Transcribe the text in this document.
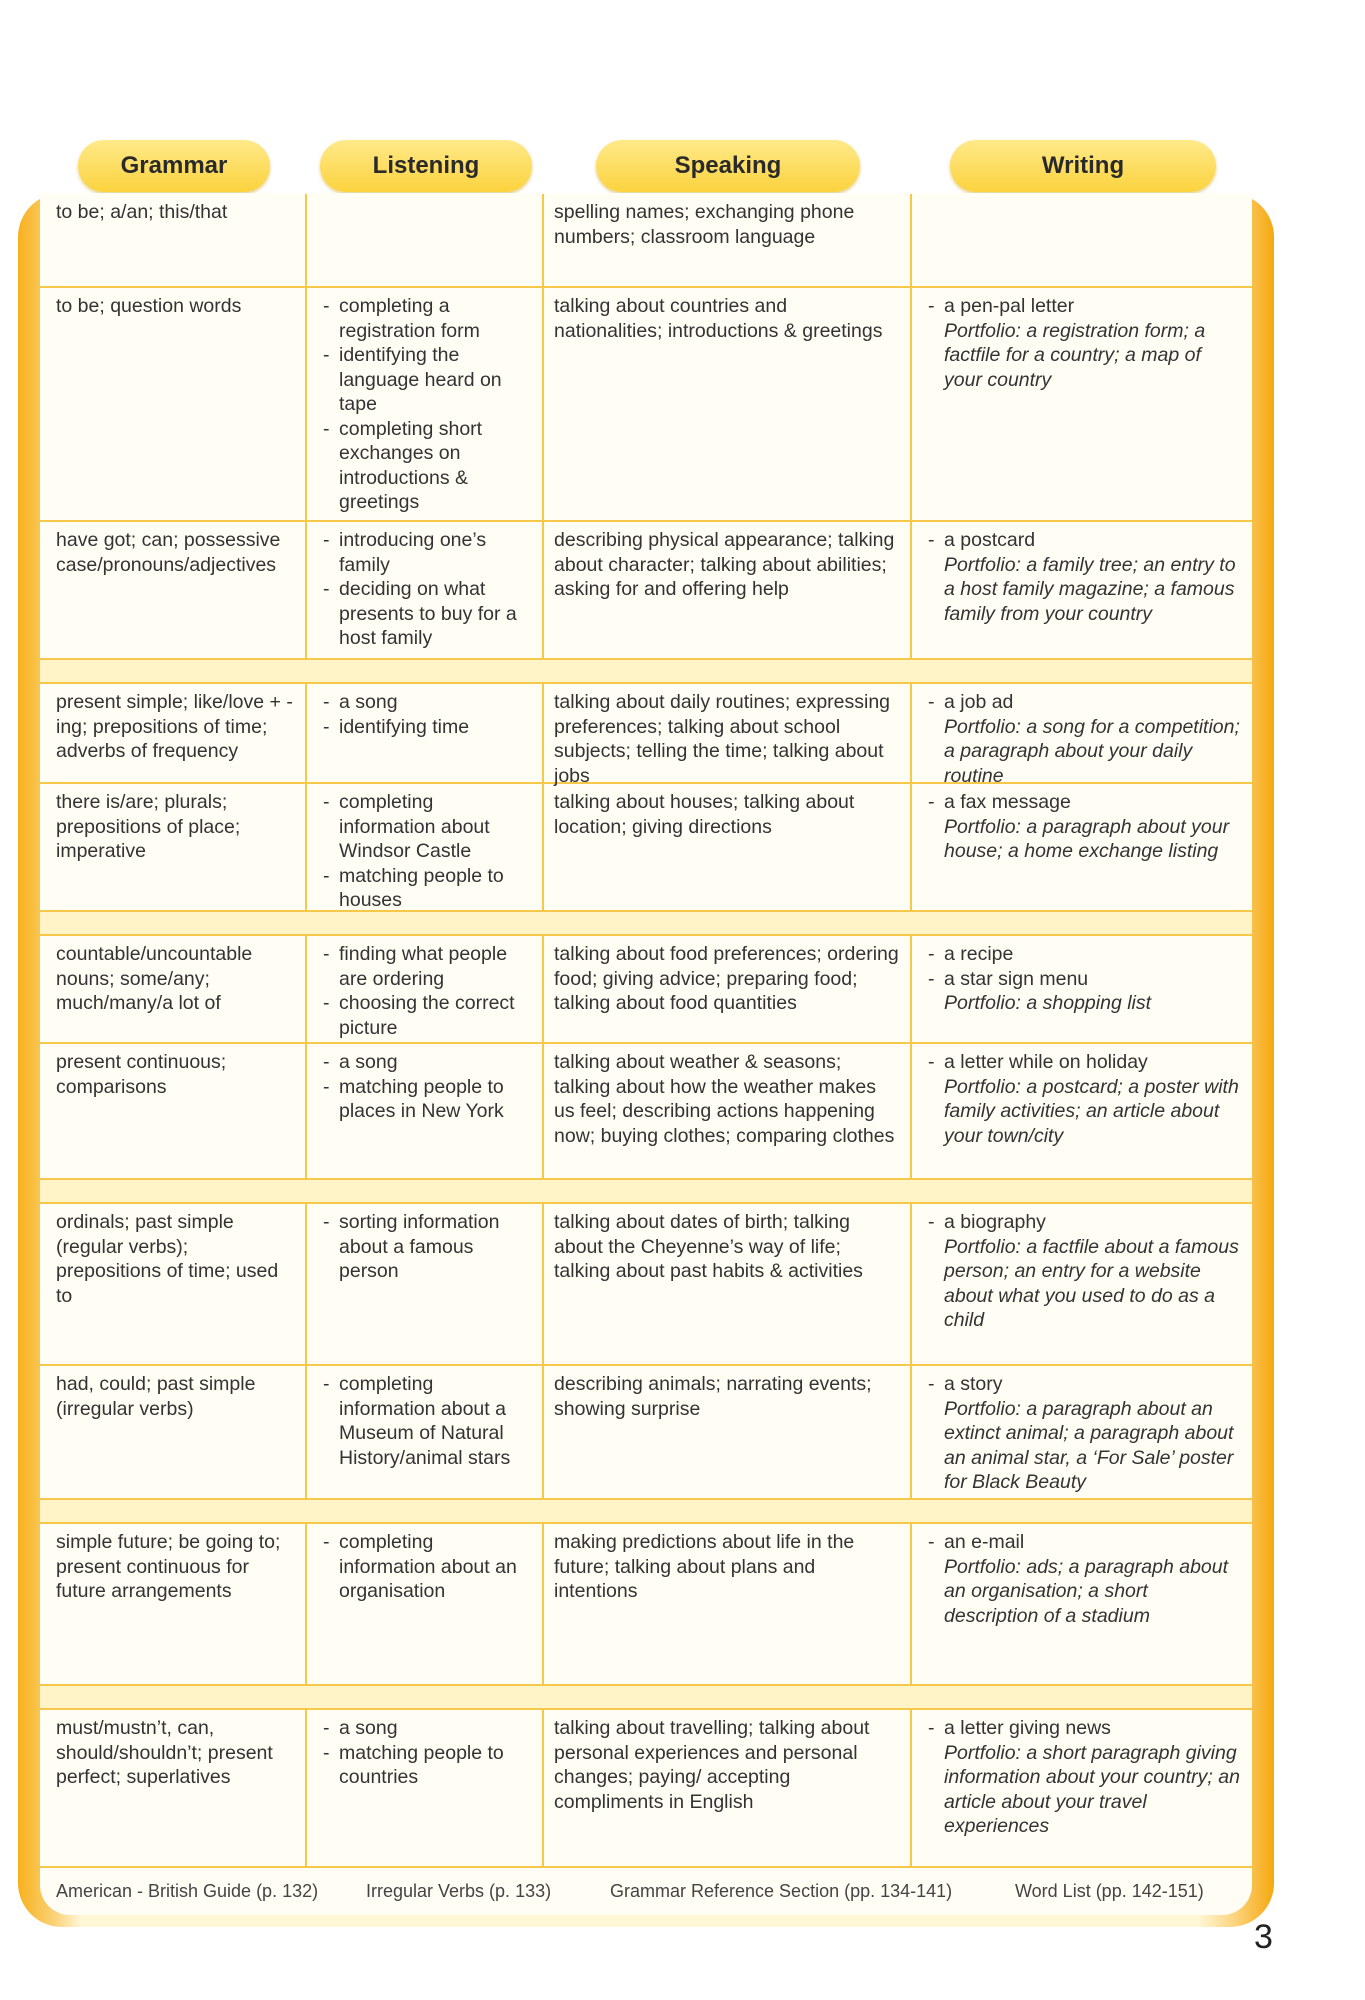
Grammar	Listening	Speaking	Writing
to be; a/an; this/that	spelling names; exchanging phone numbers; classroom language
to be; question words
-	completing a registration form
- identifying the language heard on tape
- completing short exchanges on introductions & greetings
talking about countries and nationalities; introductions & greetings
- a pen-pal letter
Portfolio: a registration form; a factfile for a country; a map of your country
have got; can; possessive case/pronouns/adjectives
- introducing one’s family
- deciding on what presents to buy for a host family
describing physical appearance; talking about character; talking about abilities; asking for and offering help
- a postcard
Portfolio: a family tree; an entry to a host family magazine; a famous family from your country
present simple; like/love + -ing; prepositions of time; adverbs of frequency
- a song
- identifying time
talking about daily routines; expressing preferences; talking about school subjects; telling the time; talking about jobs
- a job ad
Portfolio: a song for a competition; a paragraph about your daily routine
there is/are; plurals; prepositions of place; imperative
- completing information about Windsor Castle
- matching people to houses
talking about houses; talking about location; giving directions
- a fax message
Portfolio: a paragraph about your house; a home exchange listing
countable/uncountable nouns; some/any; much/many/a lot of
- finding what people are ordering
- choosing the correct picture
talking about food preferences; ordering food; giving advice; preparing food; talking about food quantities
- a recipe
- a star sign menu
Portfolio: a shopping list
present continuous; comparisons
- a song
- matching people to places in New York
talking about weather & seasons; talking about how the weather makes us feel; describing actions happening now; buying clothes; comparing clothes
- a letter while on holiday
Portfolio: a postcard; a poster with family activities; an article about your town/city
ordinals; past simple (regular verbs); prepositions of time; used to
- sorting information about a famous person
talking about dates of birth; talking about the Cheyenne’s way of life; talking about past habits & activities
- a biography
Portfolio: a factfile about a famous person; an entry for a website about what you used to do as a child
had, could; past simple (irregular verbs)
- completing information about a Museum of Natural History/animal stars
describing animals; narrating events; showing surprise
- a story
Portfolio: a paragraph about an extinct animal; a paragraph about an animal star, a ‘For Sale’ poster for Black Beauty
simple future; be going to; present continuous for future arrangements
- completing information about an organisation
making predictions about life in the future; talking about plans and intentions
- an e-mail
Portfolio: ads; a paragraph about an organisation; a short description of a stadium
must/mustn’t, can, should/shouldn’t; present perfect; superlatives
- a song
- matching people to countries
talking about travelling; talking about personal experiences and personal changes; paying/ accepting compliments in English
- a letter giving news
Portfolio: a short paragraph giving information about your country; an article about your travel experiences
American - British Guide (p. 132)	Irregular Verbs (p. 133)	Grammar Reference Section (pp. 134-141)	Word List (pp. 142-151)
3
